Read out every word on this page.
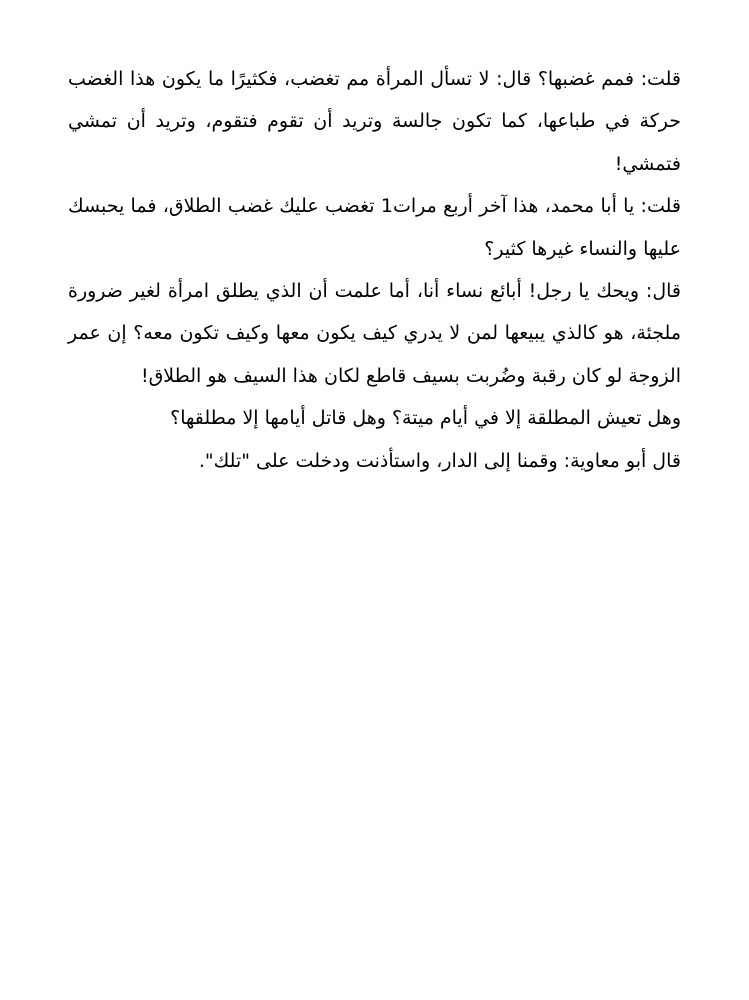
قلت: فمم غضبها؟ قال: لا تسأل المرأة مم تغضب، فكثيرًا ما يكون هذا الغضب حركة في طباعها، كما تكون جالسة وتريد أن تقوم فتقوم، وتريد أن تمشي فتمشي!

قلت: يا أبا محمد، هذا آخر أربع مرات1 تغضب عليك غضب الطلاق، فما يحبسك عليها والنساء غيرها كثير؟

قال: ويحك يا رجل! أبائع نساء أنا، أما علمت أن الذي يطلق امرأة لغير ضرورة ملجئة، هو كالذي يبيعها لمن لا يدري كيف يكون معها وكيف تكون معه؟ إن عمر الزوجة لو كان رقبة وضُربت بسيف قاطع لكان هذا السيف هو الطلاق!

وهل تعيش المطلقة إلا في أيام ميتة؟ وهل قاتل أيامها إلا مطلقها؟

قال أبو معاوية: وقمنا إلى الدار، واستأذنت ودخلت على "تلك".
